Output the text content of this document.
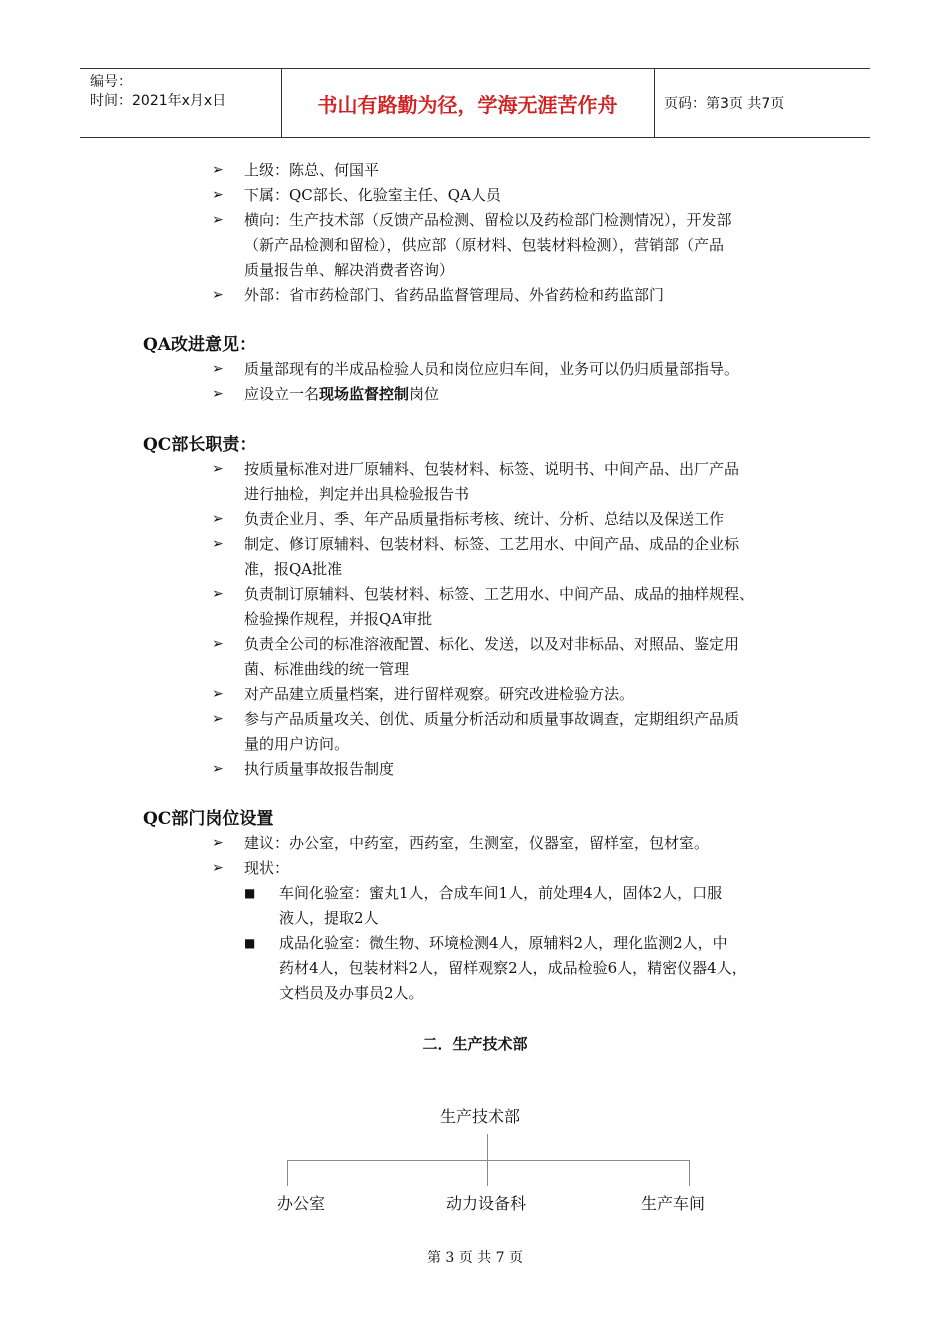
编号：
时间：2021年x月x日	书山有路勤为径，学海无涯苦作舟	页码：第3页 共7页
➢ 上级：陈总、何国平
➢ 下属：QC部长、化验室主任、QA人员
➢ 横向：生产技术部（反馈产品检测、留检以及药检部门检测情况），开发部
（新产品检测和留检），供应部（原材料、包装材料检测），营销部（产品
质量报告单、解决消费者咨询）
➢ 外部：省市药检部门、省药品监督管理局、外省药检和药监部门
QA改进意见：
➢ 质量部现有的半成品检验人员和岗位应归车间，业务可以仍归质量部指导。
➢ 应设立一名现场监督控制岗位
QC部长职责：
➢ 按质量标准对进厂原辅料、包装材料、标签、说明书、中间产品、出厂产品
进行抽检，判定并出具检验报告书
➢ 负责企业月、季、年产品质量指标考核、统计、分析、总结以及保送工作
➢ 制定、修订原辅料、包装材料、标签、工艺用水、中间产品、成品的企业标
准，报QA批准
➢ 负责制订原辅料、包装材料、标签、工艺用水、中间产品、成品的抽样规程、
检验操作规程，并报QA审批
➢ 负责全公司的标准溶液配置、标化、发送，以及对非标品、对照品、鉴定用
菌、标准曲线的统一管理
➢ 对产品建立质量档案，进行留样观察。研究改进检验方法。
➢ 参与产品质量攻关、创优、质量分析活动和质量事故调查，定期组织产品质
量的用户访问。
➢ 执行质量事故报告制度
QC部门岗位设置
➢ 建议：办公室，中药室，西药室，生测室，仪器室，留样室，包材室。
➢ 现状：
■ 车间化验室：蜜丸1人，合成车间1人，前处理4人，固体2人，口服
液人，提取2人
■ 成品化验室：微生物、环境检测4人，原辅料2人，理化监测2人，中
药材4人，包装材料2人，留样观察2人，成品检验6人，精密仪器4人，
文档员及办事员2人。
二．生产技术部
生产技术部
办公室	动力设备科	生产车间
第 3 页 共 7 页
